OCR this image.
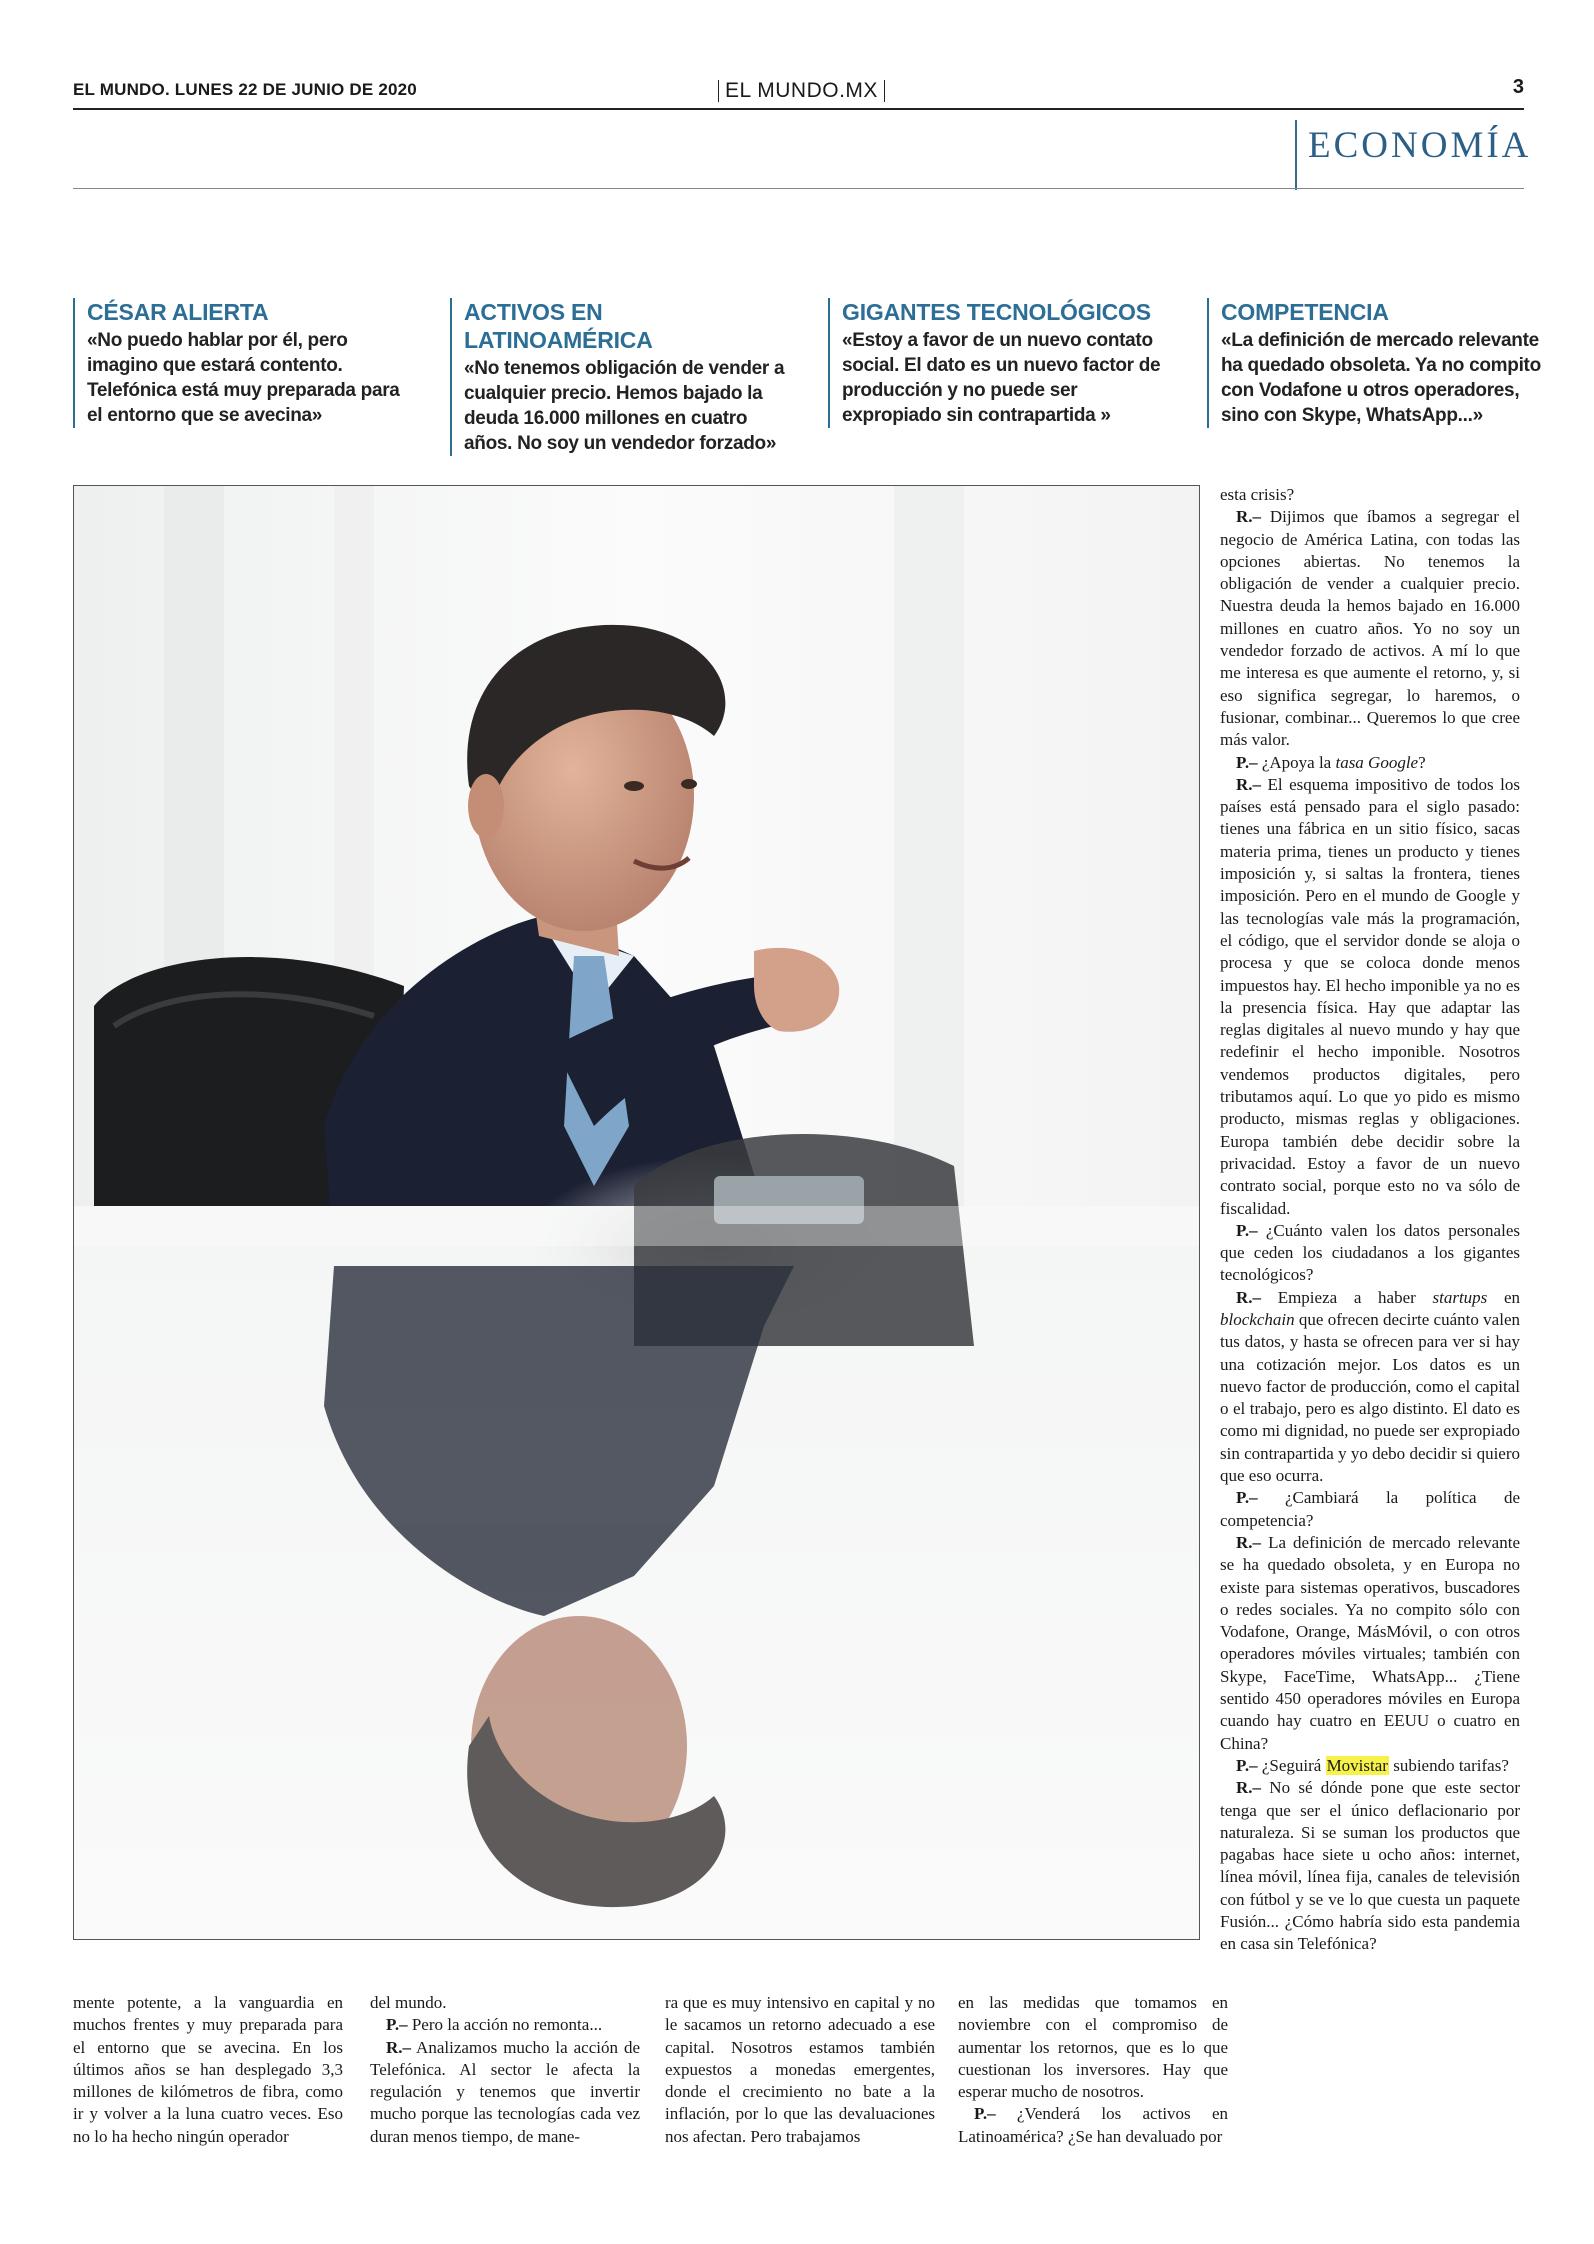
EL MUNDO. LUNES 22 DE JUNIO DE 2020	EL MUNDO.MX	3
ECONOMÍA
CÉSAR ALIERTA

«No puedo hablar por él, pero imagino que estará contento. Telefónica está muy preparada para el entorno que se avecina»

ACTIVOS EN LATINOAMÉRICA

«No tenemos obligación de vender a cualquier precio. Hemos bajado la deuda 16.000 millones en cuatro años. No soy un vendedor forzado»

GIGANTES TECNOLÓGICOS

«Estoy a favor de un nuevo contato social. El dato es un nuevo factor de producción y no puede ser expropiado sin contrapartida »

COMPETENCIA

«La definición de mercado relevante ha quedado obsoleta. Ya no compito con Vodafone u otros operadores, sino con Skype, WhatsApp...»

esta crisis?

R.– Dijimos que íbamos a segregar el negocio de América Latina, con todas las opciones abiertas. No tenemos la obligación de vender a cualquier precio. Nuestra deuda la hemos bajado en 16.000 millones en cuatro años. Yo no soy un vendedor forzado de activos. A mí lo que me interesa es que aumente el retorno, y, si eso significa segregar, lo haremos, o fusionar, combinar... Queremos lo que cree más valor.

P.– ¿Apoya la tasa Google?

R.– El esquema impositivo de todos los países está pensado para el siglo pasado: tienes una fábrica en un sitio físico, sacas materia prima, tienes un producto y tienes imposición y, si saltas la frontera, tienes imposición. Pero en el mundo de Google y las tecnologías vale más la programación, el código, que el servidor donde se aloja o procesa y que se coloca donde menos impuestos hay. El hecho imponible ya no es la presencia física. Hay que adaptar las reglas digitales al nuevo mundo y hay que redefinir el hecho imponible. Nosotros vendemos productos digitales, pero tributamos aquí. Lo que yo pido es mismo producto, mismas reglas y obligaciones. Europa también debe decidir sobre la privacidad. Estoy a favor de un nuevo contrato social, porque esto no va sólo de fiscalidad.

P.– ¿Cuánto valen los datos personales que ceden los ciudadanos a los gigantes tecnológicos?

R.– Empieza a haber startups en blockchain que ofrecen decirte cuánto valen tus datos, y hasta se ofrecen para ver si hay una cotización mejor. Los datos es un nuevo factor de producción, como el capital o el trabajo, pero es algo distinto. El dato es como mi dignidad, no puede ser expropiado sin contrapartida y yo debo decidir si quiero que eso ocurra.

P.– ¿Cambiará la política de competencia?

R.– La definición de mercado relevante se ha quedado obsoleta, y en Europa no existe para sistemas operativos, buscadores o redes sociales. Ya no compito sólo con Vodafone, Orange, MásMóvil, o con otros operadores móviles virtuales; también con Skype, FaceTime, WhatsApp... ¿Tiene sentido 450 operadores móviles en Europa cuando hay cuatro en EEUU o cuatro en China?

P.– ¿Seguirá Movistar subiendo tarifas?

R.– No sé dónde pone que este sector tenga que ser el único deflacionario por naturaleza. Si se suman los productos que pagabas hace siete u ocho años: internet, línea móvil, línea fija, canales de televisión con fútbol y se ve lo que cuesta un paquete Fusión... ¿Cómo habría sido esta pandemia en casa sin Telefónica?

mente potente, a la vanguardia en muchos frentes y muy preparada para el entorno que se avecina. En los últimos años se han desplegado 3,3 millones de kilómetros de fibra, como ir y volver a la luna cuatro veces. Eso no lo ha hecho ningún operador

del mundo.

P.– Pero la acción no remonta...

R.– Analizamos mucho la acción de Telefónica. Al sector le afecta la regulación y tenemos que invertir mucho porque las tecnologías cada vez duran menos tiempo, de mane-

ra que es muy intensivo en capital y no le sacamos un retorno adecuado a ese capital. Nosotros estamos también expuestos a monedas emergentes, donde el crecimiento no bate a la inflación, por lo que las devaluaciones nos afectan. Pero trabajamos

en las medidas que tomamos en noviembre con el compromiso de aumentar los retornos, que es lo que cuestionan los inversores. Hay que esperar mucho de nosotros.

P.– ¿Venderá los activos en Latinoamérica? ¿Se han devaluado por
